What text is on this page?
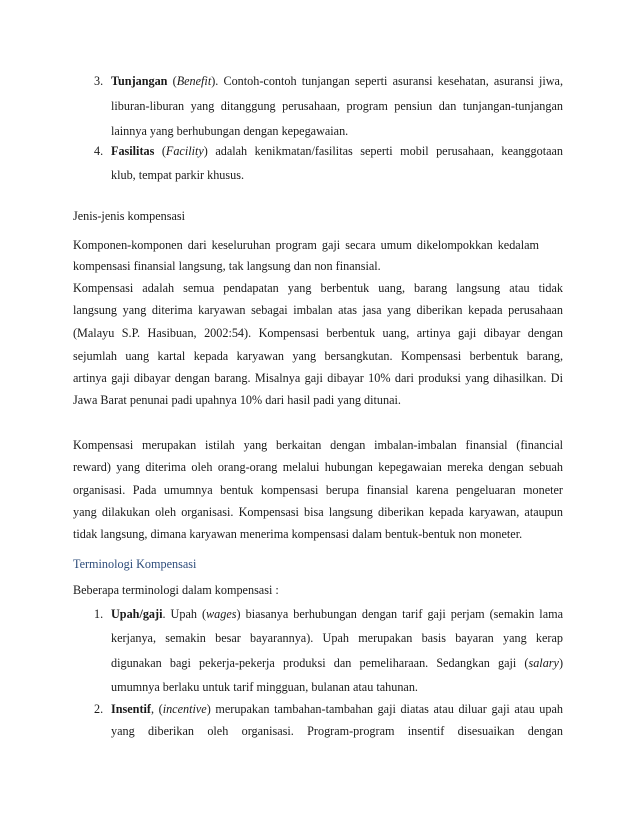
3. Tunjangan (Benefit). Contoh-contoh tunjangan seperti asuransi kesehatan, asuransi jiwa,
liburan-liburan yang ditanggung perusahaan, program pensiun dan tunjangan-tunjangan
lainnya yang berhubungan dengan kepegawaian.
4. Fasilitas (Facility) adalah kenikmatan/fasilitas seperti mobil perusahaan, keanggotaan
klub, tempat parkir khusus.
Jenis-jenis kompensasi
Komponen-komponen dari keseluruhan program gaji secara umum dikelompokkan kedalam
kompensasi finansial langsung, tak langsung dan non finansial.
Kompensasi adalah semua pendapatan yang berbentuk uang, barang langsung atau tidak
langsung yang diterima karyawan sebagai imbalan atas jasa yang diberikan kepada perusahaan
(Malayu S.P. Hasibuan, 2002:54). Kompensasi berbentuk uang, artinya gaji dibayar dengan
sejumlah uang kartal kepada karyawan yang bersangkutan. Kompensasi berbentuk barang,
artinya gaji dibayar dengan barang. Misalnya gaji dibayar 10% dari produksi yang dihasilkan. Di
Jawa Barat penunai padi upahnya 10% dari hasil padi yang ditunai.
Kompensasi merupakan istilah yang berkaitan dengan imbalan-imbalan finansial (financial
reward) yang diterima oleh orang-orang melalui hubungan kepegawaian mereka dengan sebuah
organisasi. Pada umumnya bentuk kompensasi berupa finansial karena pengeluaran moneter
yang dilakukan oleh organisasi. Kompensasi bisa langsung diberikan kepada karyawan, ataupun
tidak langsung, dimana karyawan menerima kompensasi dalam bentuk-bentuk non moneter.
Terminologi Kompensasi
Beberapa terminologi dalam kompensasi :
1. Upah/gaji. Upah (wages) biasanya berhubungan dengan tarif gaji perjam (semakin lama
kerjanya, semakin besar bayarannya). Upah merupakan basis bayaran yang kerap
digunakan bagi pekerja-pekerja produksi dan pemeliharaan. Sedangkan gaji (salary)
umumnya berlaku untuk tarif mingguan, bulanan atau tahunan.
2. Insentif, (incentive) merupakan tambahan-tambahan gaji diatas atau diluar gaji atau upah
yang diberikan oleh organisasi. Program-program insentif disesuaikan dengan
